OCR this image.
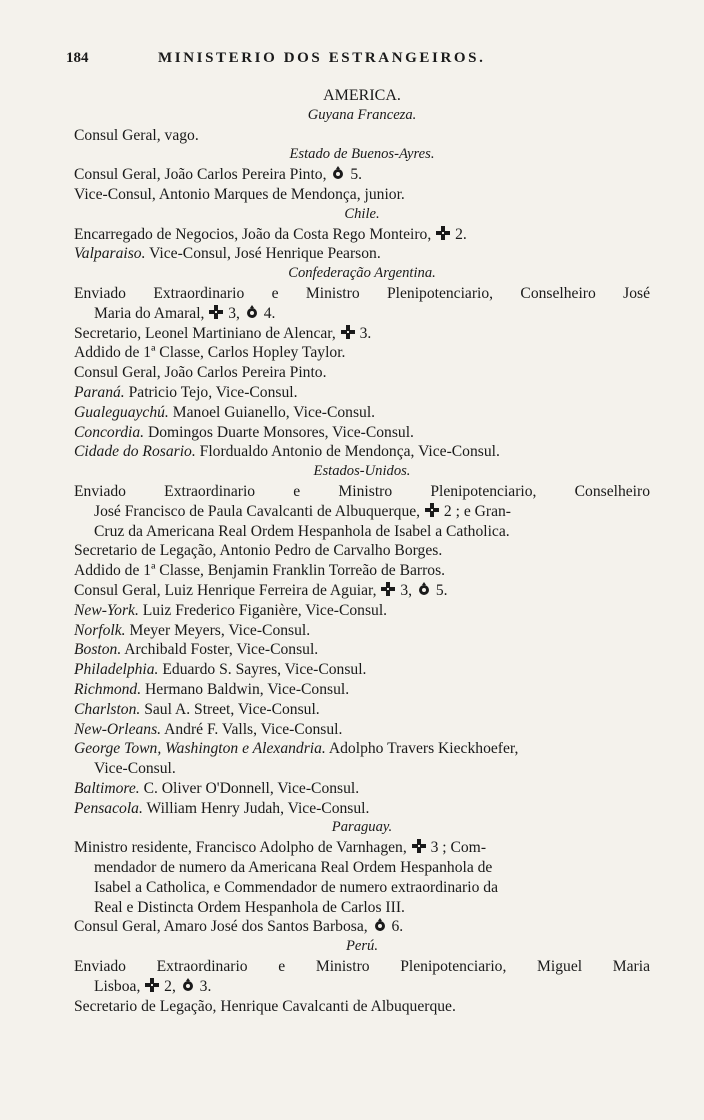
184	MINISTERIO DOS ESTRANGEIROS.
AMERICA.
Guyana Franceza.
Consul Geral, vago.
Estado de Buenos-Ayres.
Consul Geral, João Carlos Pereira Pinto, 5.
Vice-Consul, Antonio Marques de Mendonça, junior.
Chile.
Encarregado de Negocios, João da Costa Rego Monteiro, 2.
Valparaiso. Vice-Consul, José Henrique Pearson.
Confederação Argentina.
Enviado Extraordinario e Ministro Plenipotenciario, Conselheiro José
Maria do Amaral, 3, 4.
Secretario, Leonel Martiniano de Alencar, 3.
Addido de 1ª Classe, Carlos Hopley Taylor.
Consul Geral, João Carlos Pereira Pinto.
Paraná. Patricio Tejo, Vice-Consul.
Gualeguaychú. Manoel Guianello, Vice-Consul.
Concordia. Domingos Duarte Monsores, Vice-Consul.
Cidade do Rosario. Flordualdo Antonio de Mendonça, Vice-Consul.
Estados-Unidos.
Enviado Extraordinario e Ministro Plenipotenciario, Conselheiro
José Francisco de Paula Cavalcanti de Albuquerque, 2 ; e Gran-
Cruz da Americana Real Ordem Hespanhola de Isabel a Catholica.
Secretario de Legação, Antonio Pedro de Carvalho Borges.
Addido de 1ª Classe, Benjamin Franklin Torreão de Barros.
Consul Geral, Luiz Henrique Ferreira de Aguiar, 3, 5.
New-York. Luiz Frederico Figanière, Vice-Consul.
Norfolk. Meyer Meyers, Vice-Consul.
Boston. Archibald Foster, Vice-Consul.
Philadelphia. Eduardo S. Sayres, Vice-Consul.
Richmond. Hermano Baldwin, Vice-Consul.
Charlston. Saul A. Street, Vice-Consul.
New-Orleans. André F. Valls, Vice-Consul.
George Town, Washington e Alexandria. Adolpho Travers Kieckhoefer,
Vice-Consul.
Baltimore. C. Oliver O'Donnell, Vice-Consul.
Pensacola. William Henry Judah, Vice-Consul.
Paraguay.
Ministro residente, Francisco Adolpho de Varnhagen, 3 ; Com-
mendador de numero da Americana Real Ordem Hespanhola de
Isabel a Catholica, e Commendador de numero extraordinario da
Real e Distincta Ordem Hespanhola de Carlos III.
Consul Geral, Amaro José dos Santos Barbosa, 6.
Perú.
Enviado Extraordinario e Ministro Plenipotenciario, Miguel Maria
Lisboa, 2, 3.
Secretario de Legação, Henrique Cavalcanti de Albuquerque.
